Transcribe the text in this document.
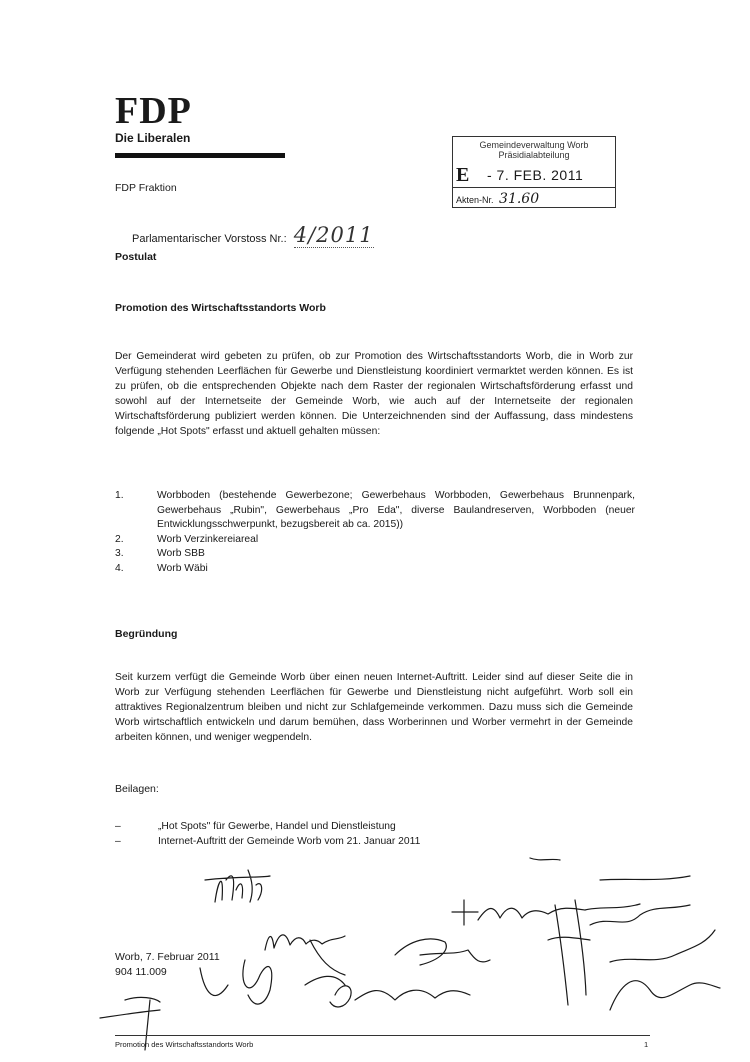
FDP
Die Liberalen
FDP Fraktion
Parlamentarischer Vorstoss Nr.: 4/2011
Postulat
Gemeindeverwaltung Worb
Präsidialabteilung
E - 7. FEB. 2011
Akten-Nr. 31.60
Promotion des Wirtschaftsstandorts Worb

Der Gemeinderat wird gebeten zu prüfen, ob zur Promotion des Wirtschaftsstandorts Worb, die in Worb zur Verfügung stehenden Leerflächen für Gewerbe und Dienstleistung koordiniert vermarktet werden können. Es ist zu prüfen, ob die entsprechenden Objekte nach dem Raster der regionalen Wirtschaftsförderung erfasst und sowohl auf der Internetseite der Gemeinde Worb, wie auch auf der Internetseite der regionalen Wirtschaftsförderung publiziert werden können. Die Unterzeichnenden sind der Auffassung, dass mindestens folgende „Hot Spots" erfasst und aktuell gehalten müssen:

1.	Worbboden (bestehende Gewerbezone; Gewerbehaus Worbboden, Gewerbehaus Brunnenpark, Gewerbehaus „Rubin", Gewerbehaus „Pro Eda", diverse Baulandreserven, Worbboden (neuer Entwicklungsschwerpunkt, bezugsbereit ab ca. 2015))
2.	Worb Verzinkereiareal
3.	Worb SBB
4.	Worb Wäbi
Begründung

Seit kurzem verfügt die Gemeinde Worb über einen neuen Internet-Auftritt. Leider sind auf dieser Seite die in Worb zur Verfügung stehenden Leerflächen für Gewerbe und Dienstleistung nicht aufgeführt. Worb soll ein attraktives Regionalzentrum bleiben und nicht zur Schlafgemeinde verkommen. Dazu muss sich die Gemeinde Worb wirtschaftlich entwickeln und darum bemühen, dass Worberinnen und Worber vermehrt in der Gemeinde arbeiten können, und weniger wegpendeln.

Beilagen:
–	„Hot Spots" für Gewerbe, Handel und Dienstleistung
–	Internet-Auftritt der Gemeinde Worb vom 21. Januar 2011
Worb, 7. Februar 2011
904 11.009
Promotion des Wirtschaftsstandorts Worb	1
